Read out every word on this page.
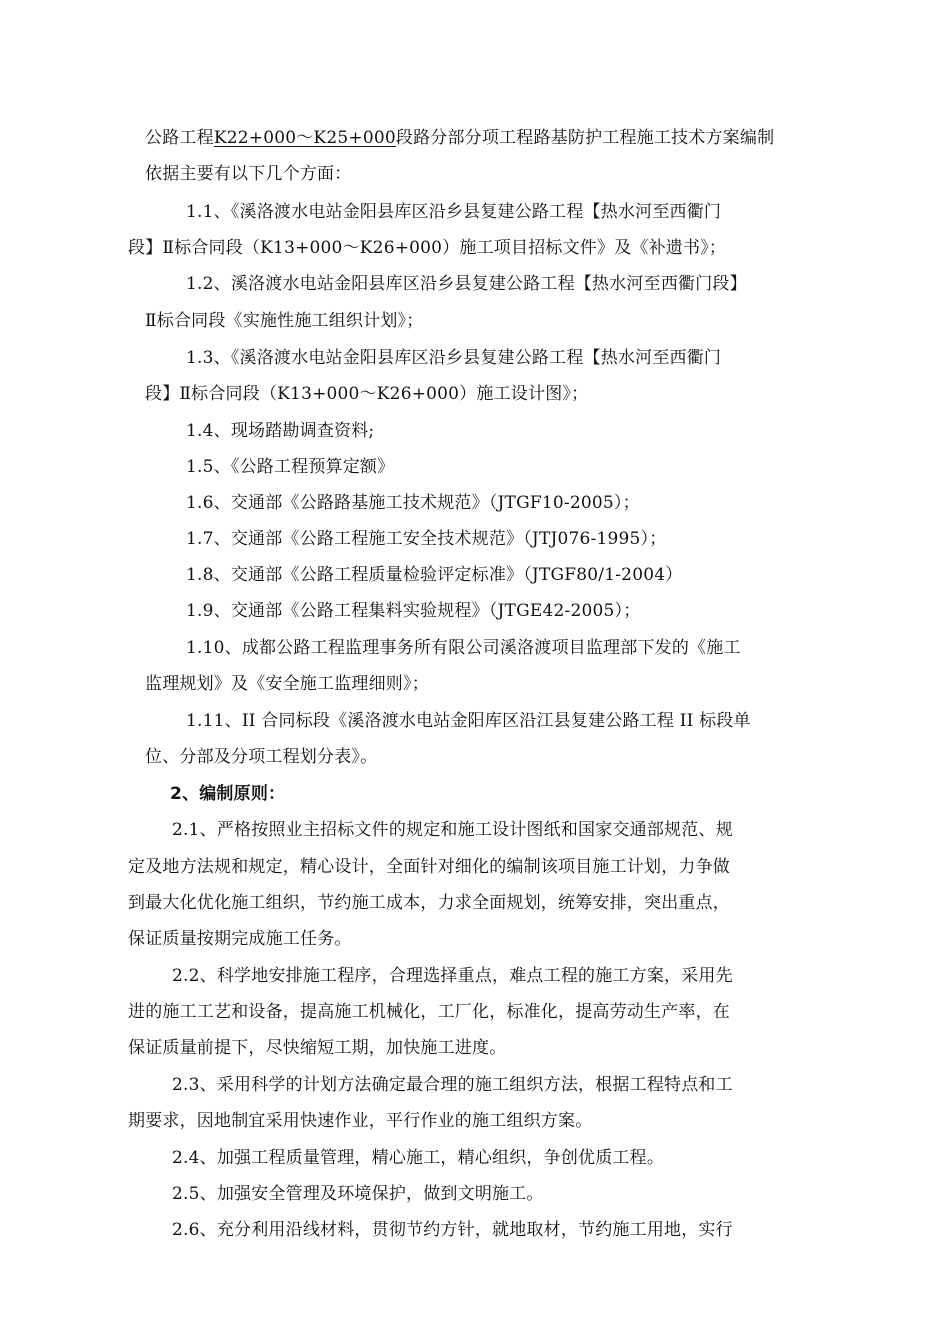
公路工程K22+000～K25+000段路分部分项工程路基防护工程施工技术方案编制
依据主要有以下几个方面：
1.1、《溪洛渡水电站金阳县库区沿乡县复建公路工程【热水河至西衢门
段】Ⅱ标合同段（K13+000～K26+000）施工项目招标文件》及《补遗书》；
1.2、溪洛渡水电站金阳县库区沿乡县复建公路工程【热水河至西衢门段】
Ⅱ标合同段《实施性施工组织计划》；
1.3、《溪洛渡水电站金阳县库区沿乡县复建公路工程【热水河至西衢门
段】Ⅱ标合同段（K13+000～K26+000）施工设计图》；
1.4、现场踏勘调查资料;
1.5、《公路工程预算定额》
1.6、交通部《公路路基施工技术规范》（JTGF10-2005）；
1.7、交通部《公路工程施工安全技术规范》（JTJ076-1995）；
1.8、交通部《公路工程质量检验评定标准》（JTGF80/1-2004）
1.9、交通部《公路工程集料实验规程》（JTGE42-2005）；
1.10、成都公路工程监理事务所有限公司溪洛渡项目监理部下发的《施工
监理规划》及《安全施工监理细则》；
1.11、II 合同标段《溪洛渡水电站金阳库区沿江县复建公路工程 II 标段单
位、分部及分项工程划分表》。
2、编制原则：
2.1、严格按照业主招标文件的规定和施工设计图纸和国家交通部规范、规
定及地方法规和规定，精心设计，全面针对细化的编制该项目施工计划，力争做
到最大化优化施工组织，节约施工成本，力求全面规划，统筹安排，突出重点，
保证质量按期完成施工任务。
2.2、科学地安排施工程序，合理选择重点，难点工程的施工方案，采用先
进的施工工艺和设备，提高施工机械化，工厂化，标准化，提高劳动生产率，在
保证质量前提下，尽快缩短工期，加快施工进度。
2.3、采用科学的计划方法确定最合理的施工组织方法，根据工程特点和工
期要求，因地制宜采用快速作业，平行作业的施工组织方案。
2.4、加强工程质量管理，精心施工，精心组织，争创优质工程。
2.5、加强安全管理及环境保护，做到文明施工。
2.6、充分利用沿线材料，贯彻节约方针，就地取材，节约施工用地，实行
